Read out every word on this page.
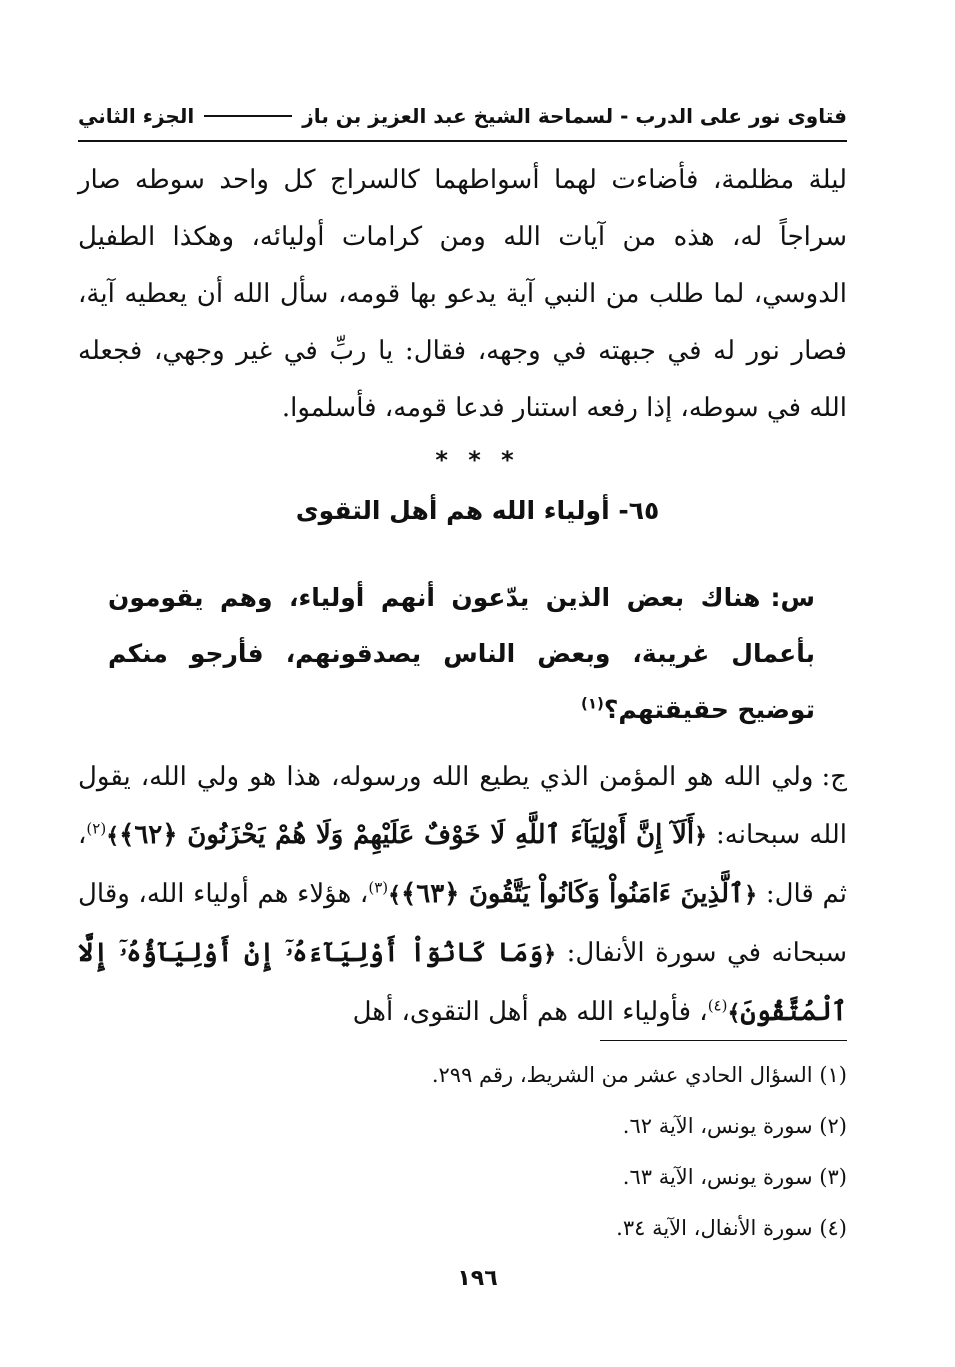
فتاوى نور على الدرب - لسماحة الشيخ عبد العزيز بن باز
الجزء الثاني
ليلة مظلمة، فأضاءت لهما أسواطهما كالسراج كل واحد سوطه صار سراجاً له، هذه من آيات الله ومن كرامات أوليائه، وهكذا الطفيل الدوسي، لما طلب من النبي آية يدعو بها قومه، سأل الله أن يعطيه آية، فصار نور له في جبهته في وجهه، فقال: يا ربِّ في غير وجهي، فجعله الله في سوطه، إذا رفعه استنار فدعا قومه، فأسلموا.
* * *
٦٥- أولياء الله هم أهل التقوى
س:هناك بعض الذين يدّعون أنهم أولياء، وهم يقومون بأعمال غريبة، وبعض الناس يصدقونهم، فأرجو منكم توضيح حقيقتهم؟$^{(١)}$
ج:ولي الله هو المؤمن الذي يطيع الله ورسوله، هذا هو ولي الله، يقول الله سبحانه: ﴿أَلَآ إِنَّ أَوْلِيَآءَ ٱللَّهِ لَا خَوْفٌ عَلَيْهِمْ وَلَا هُمْ يَحْزَنُونَ ﴿٦٢﴾﴾$^{(٢)}$، ثم قال: ﴿ٱلَّذِينَ ءَامَنُواْ وَكَانُواْ يَتَّقُونَ ﴿٦٣﴾﴾$^{(٣)}$، هؤلاء هم أولياء الله، وقال سبحانه في سورة الأنفال: ﴿وَمَا كَانُوٓاْ أَوْلِيَآءَهُۥٓ إِنْ أَوْلِيَآؤُهُۥٓ إِلَّا ٱلْمُتَّقُونَ﴾$^{(٤)}$، فأولياء الله هم أهل التقوى، أهل
(١) السؤال الحادي عشر من الشريط، رقم ٢٩٩.
(٢) سورة يونس، الآية ٦٢.
(٣) سورة يونس، الآية ٦٣.
(٤) سورة الأنفال، الآية ٣٤.
١٩٦
